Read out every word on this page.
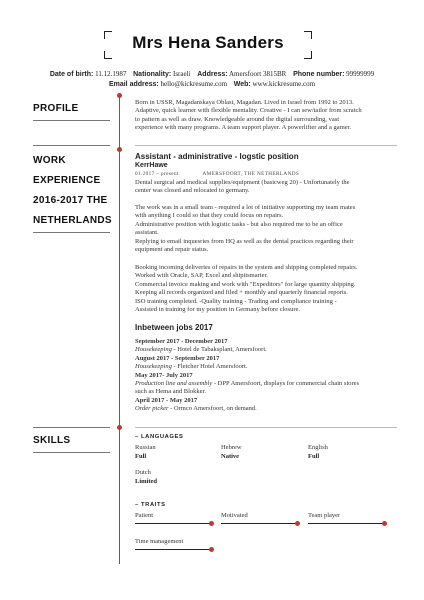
Mrs Hena Sanders
Date of birth: 11.12.1987 Nationality: Israeli Address: Amersfoort 3815BR Phone number: 99999999
Email address: hello@kickresume.com Web: www.kickresume.com
PROFILE
Born in USSR, Magadanskaya Oblast, Magadan. Lived in Israel from 1992 to 2013.
Adaptive, quick learner with flexible mentality. Creative - I can sew/tailor from scratch
to pattern as well as draw. Knowledgeable around the digital surrounding, vast
experience with many programs. A team support player. A powerlifter and a gamer.
WORK
EXPERIENCE
2016-2017 THE
NETHERLANDS
Assistant - administrative - logstic position
KerrHawe
01.2017 – present	AMERSFOORT, THE NETHERLANDS
Dental surgical and medical supplies/equipment (basicweg 20) - Unfortunately the
center was closed and relocated to germany.
The work was in a small team - required a lot of initiative supporting my team mates
with anything I could so that they could focus on repairs.
Administrative position with logistic tasks - but also required me to be an office
assistant.
Replying to email inquesries from HQ as well as the dental practices regarding their
equipment and repair status.
Booking incoming deliveries of repairs in the system and shipping completed repairs.
Worked with Oracle, SAP, Excel and shipitsmarter.
Commercial invoice making and work with "Expeditors" for large quantity shipping.
Keeping all records organized and filed + monthly and quarterly financial reports.
ISO training completed. -Quality training - Trading and compliance training -
Assisted in training for my position in Germany before closure.
Inbetween jobs 2017
September 2017 - December 2017
Housekeeping - Hotel de Tabaksplant, Amersfoort.
August 2017 - September 2017
Housekeeping - Fletcher Hotel Amersfoort.
May 2017- July 2017
Production line and assembly - DPP Amersfoort, displays for commercial chain stores
such as Hema and Blokker.
April 2017 - May 2017
Order picker - Ormco Amersfoort, on demand.
SKILLS	– LANGUAGES
Russian
Full
Hebrew
Native
English
Full
Dutch
Limited
– TRAITS
Patient	Motivated	Team player
Time management
